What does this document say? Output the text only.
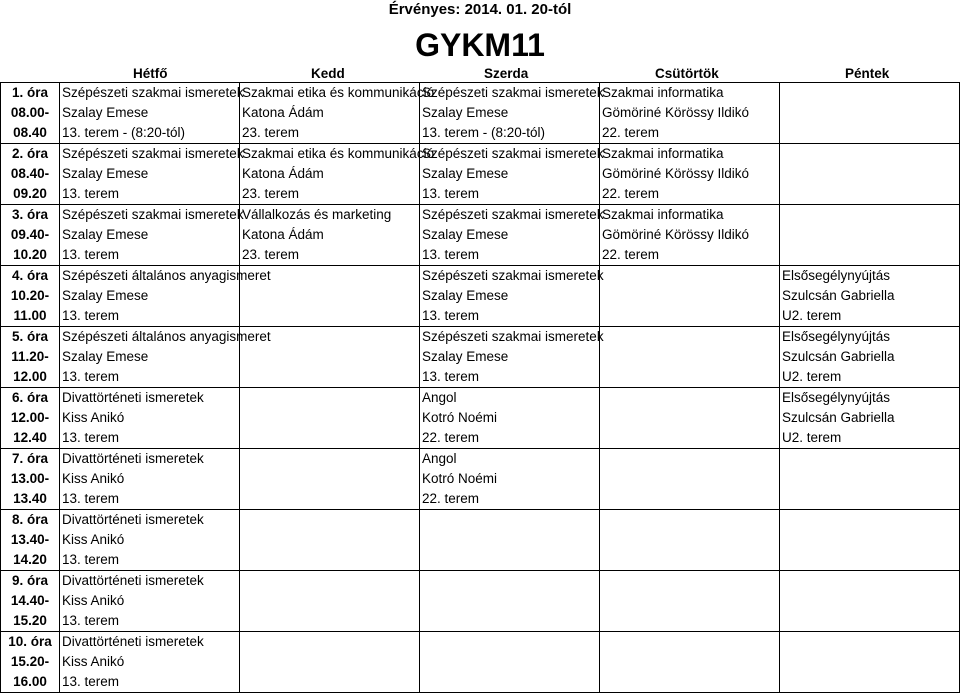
Érvényes: 2014. 01. 20-tól
GYKM11
Hétfő	Kedd	Szerda	Csütörtök	Péntek
1. óra	Szépészeti szakmai ismeretek	Szakmai etika és kommunikáció	Szépészeti szakmai ismeretek	Szakmai informatika	
08.00-	Szalay Emese	Katona Ádám	Szalay Emese	Gömöriné Körössy Ildikó	
08.40	13. terem - (8:20-tól)	23. terem	13. terem - (8:20-tól)	22. terem	
2. óra	Szépészeti szakmai ismeretek	Szakmai etika és kommunikáció	Szépészeti szakmai ismeretek	Szakmai informatika	
08.40-	Szalay Emese	Katona Ádám	Szalay Emese	Gömöriné Körössy Ildikó	
09.20	13. terem	23. terem	13. terem	22. terem	
3. óra	Szépészeti szakmai ismeretek	Vállalkozás és marketing	Szépészeti szakmai ismeretek	Szakmai informatika	
09.40-	Szalay Emese	Katona Ádám	Szalay Emese	Gömöriné Körössy Ildikó	
10.20	13. terem	23. terem	13. terem	22. terem	
4. óra	Szépészeti általános anyagismeret		Szépészeti szakmai ismeretek		Elsősegélynyújtás
10.20-	Szalay Emese		Szalay Emese		Szulcsán Gabriella
11.00	13. terem		13. terem		U2. terem
5. óra	Szépészeti általános anyagismeret		Szépészeti szakmai ismeretek		Elsősegélynyújtás
11.20-	Szalay Emese		Szalay Emese		Szulcsán Gabriella
12.00	13. terem		13. terem		U2. terem
6. óra	Divattörténeti ismeretek		Angol		Elsősegélynyújtás
12.00-	Kiss Anikó		Kotró Noémi		Szulcsán Gabriella
12.40	13. terem		22. terem		U2. terem
7. óra	Divattörténeti ismeretek		Angol		
13.00-	Kiss Anikó		Kotró Noémi		
13.40	13. terem		22. terem		
8. óra	Divattörténeti ismeretek				
13.40-	Kiss Anikó				
14.20	13. terem				
9. óra	Divattörténeti ismeretek				
14.40-	Kiss Anikó				
15.20	13. terem				
10. óra	Divattörténeti ismeretek				
15.20-	Kiss Anikó				
16.00	13. terem				
